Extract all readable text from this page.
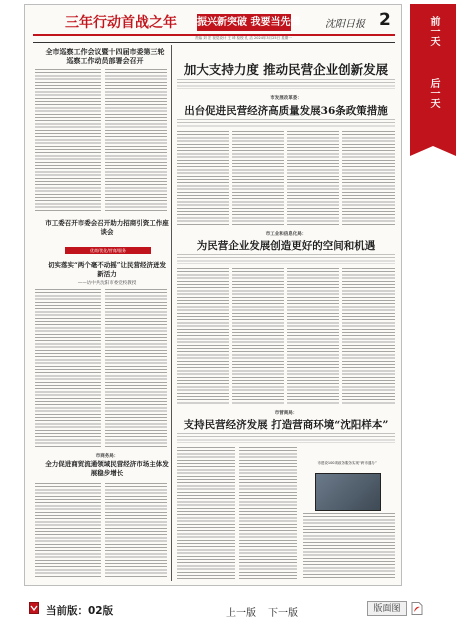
三年行动首战之年 振兴新突破 我要当先锋 沈阳日报 2
责编 刘 宏 视觉设计 王 琦 检校 孔 洁 2024年3月25日 星期一
全市巡察工作会议暨十四届市委第三轮巡察工作动员部署会召开
市工委召开市委会召开助力招商引资工作座谈会
优商/优化/营商/服务
切实落实“两个毫不动摇”让民营经济迸发新活力
——访中共沈阳市委党校教授
市商务局：
全力促进商贸流通领域民营经济市场主体发展稳步增长
加大支持力度 推动民营企业创新发展
市发展改革委：
出台促进民营经济高质量发展36条政策措施
市工业和信息化局：
为民营企业发展创造更好的空间和机遇
市营商局：
支持民营经济发展 打造营商环境“沈阳样本”
市建设100项政务服务实现“跨市通办”
前一天
后一天
当前版：02版	上一版 下一版	版面图
